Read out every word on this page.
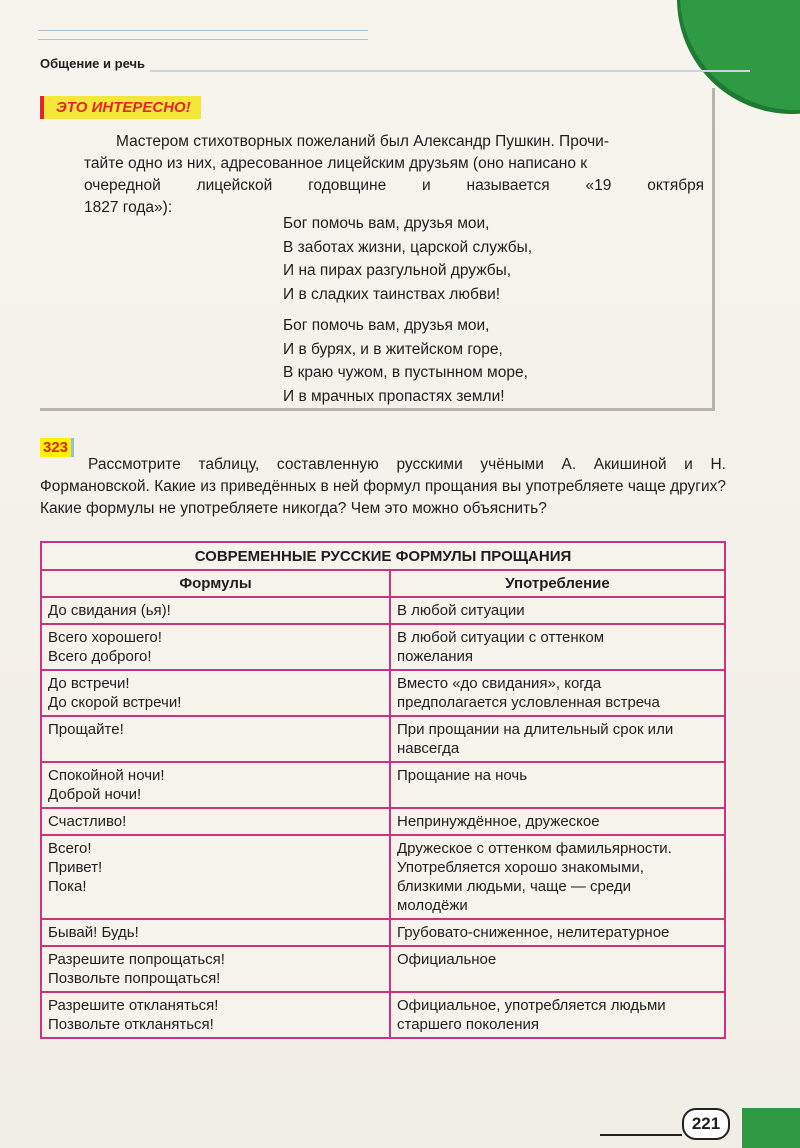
Общение и речь
ЭТО ИНТЕРЕСНО!
Мастером стихотворных пожеланий был Александр Пушкин. Прочи-
тайте одно из них, адресованное лицейским друзьям (оно написано к
очередной лицейской годовщине и называется «19 октября
1827 года»):
Бог помочь вам, друзья мои,
В заботах жизни, царской службы,
И на пирах разгульной дружбы,
И в сладких таинствах любви!
Бог помочь вам, друзья мои,
И в бурях, и в житейском горе,
В краю чужом, в пустынном море,
И в мрачных пропастях земли!
323

Рассмотрите таблицу, составленную русскими учёными А. Акишиной и Н. Формановской. Какие из приведённых в ней формул прощания вы употребляете чаще других? Какие формулы не употребляете никогда? Чем это можно объяснить?

СОВРЕМЕННЫЕ РУССКИЕ ФОРМУЛЫ ПРОЩАНИЯ	
Формулы	Употребление

До свидания (ья)!	В любой ситуации

Всего хорошего!
Всего доброго!	В любой ситуации с оттенком
пожелания

До встречи!
До скорой встречи!	Вместо «до свидания», когда
предполагается условленная встреча

Прощайте!	При прощании на длительный срок или
навсегда

Спокойной ночи!
Доброй ночи!	Прощание на ночь

Счастливо!	Непринуждённое, дружеское

Всего!
Привет!
Пока!	Дружеское с оттенком фамильярности.
Употребляется хорошо знакомыми,
близкими людьми, чаще — среди
молодёжи

Бывай! Будь!	Грубовато-сниженное, нелитературное

Разрешите попрощаться!
Позвольте попрощаться!	Официальное

Разрешите откланяться!
Позвольте откланяться!	Официальное, употребляется людьми
старшего поколения
221
